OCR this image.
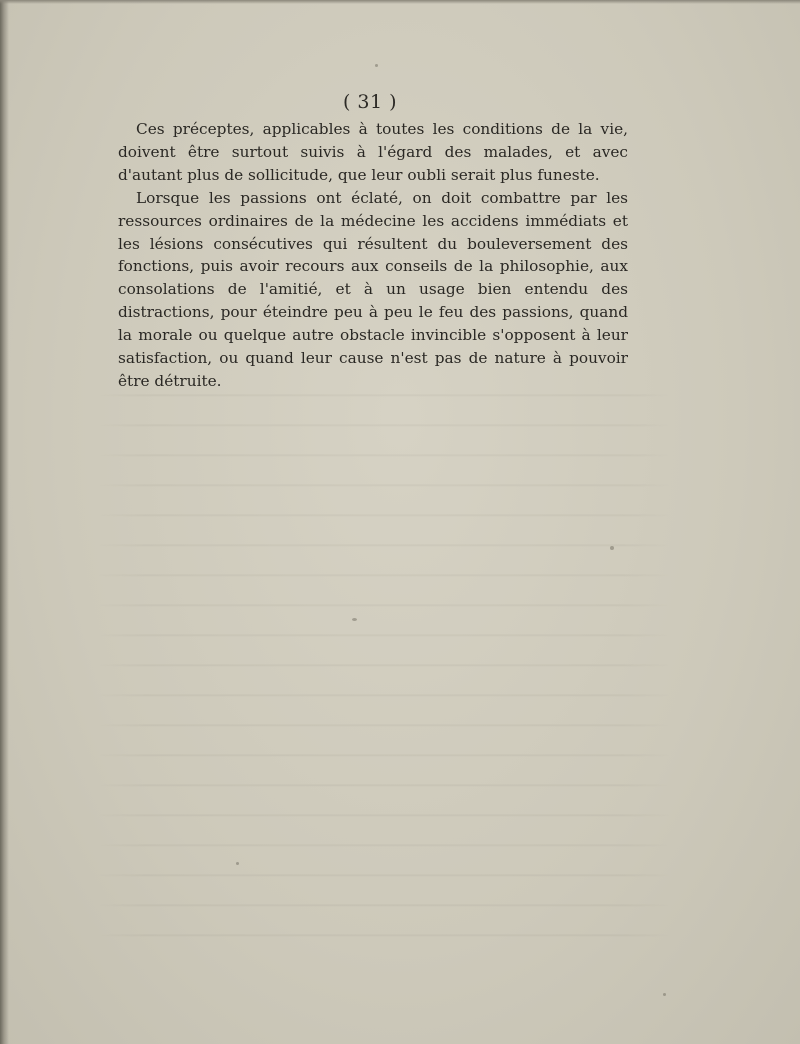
( 31 )

Ces préceptes, applicables à toutes les conditions de la vie, doivent être surtout suivis à l'égard des malades, et avec d'autant plus de sollicitude, que leur oubli serait plus funeste.

Lorsque les passions ont éclaté, on doit combattre par les ressources ordinaires de la médecine les accidens immédiats et les lésions consécutives qui résultent du bouleversement des fonctions, puis avoir recours aux conseils de la philosophie, aux consolations de l'amitié, et à un usage bien entendu des distractions, pour éteindre peu à peu le feu des passions, quand la morale ou quelque autre obstacle invincible s'opposent à leur satisfaction, ou quand leur cause n'est pas de nature à pouvoir être détruite.
